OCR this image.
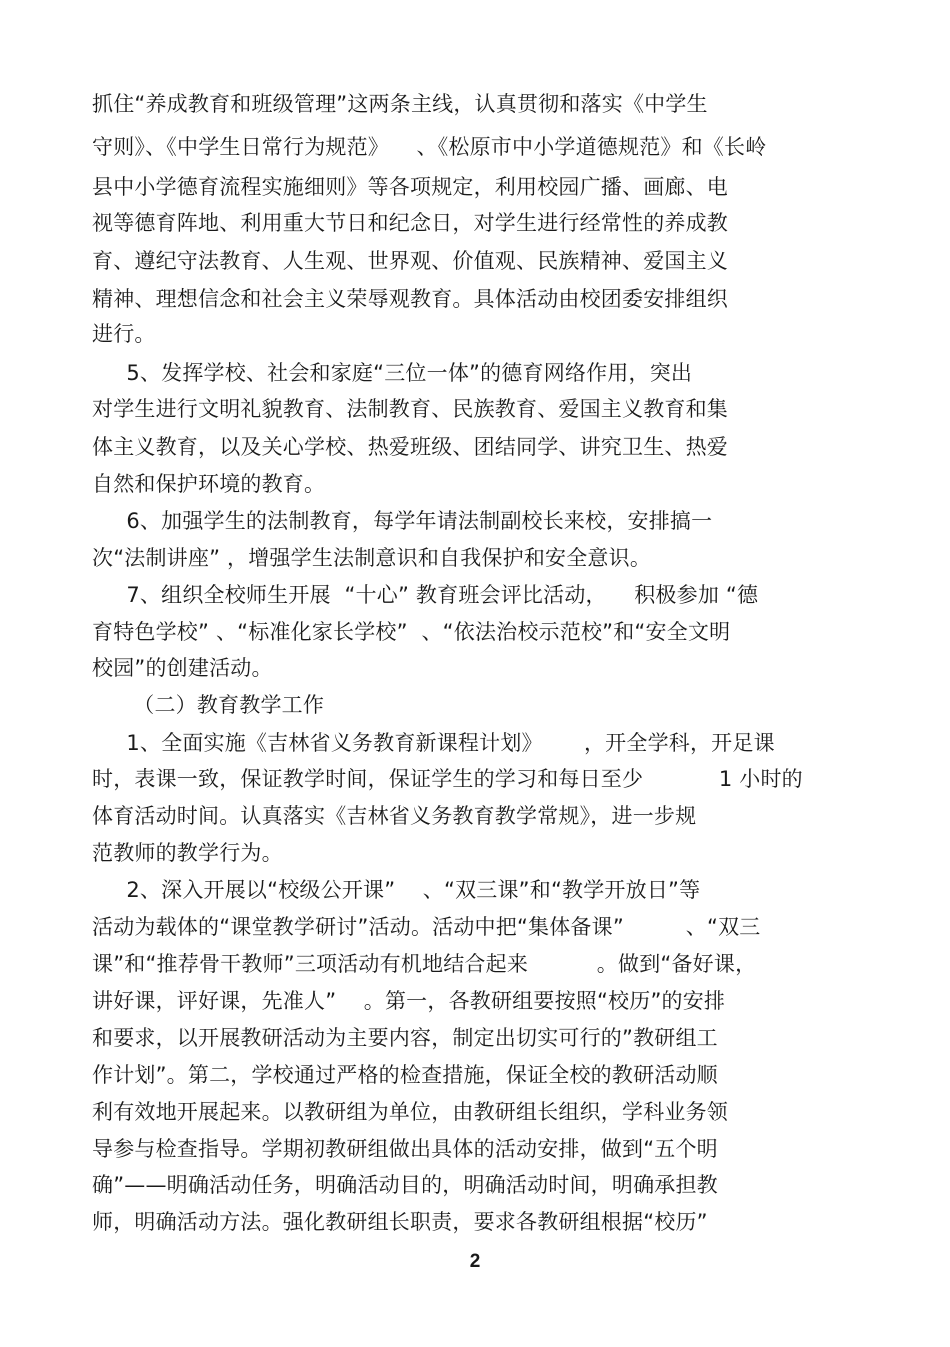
抓住“养成教育和班级管理”这两条主线，认真贯彻和落实《中学生
守则》、《中学生日常行为规范》    、《松原市中小学道德规范》和《长岭
县中小学德育流程实施细则》等各项规定，利用校园广播、画廊、电
视等德育阵地、利用重大节日和纪念日，对学生进行经常性的养成教
育、遵纪守法教育、人生观、世界观、价值观、民族精神、爱国主义
精神、理想信念和社会主义荣辱观教育。具体活动由校团委安排组织
进行。
5、发挥学校、社会和家庭“三位一体”的德育网络作用，突出
对学生进行文明礼貌教育、法制教育、民族教育、爱国主义教育和集
体主义教育，以及关心学校、热爱班级、团结同学、讲究卫生、热爱
自然和保护环境的教育。
6、加强学生的法制教育，每学年请法制副校长来校，安排搞一
次“法制讲座” ，增强学生法制意识和自我保护和安全意识。
7、组织全校师生开展  “十心” 教育班会评比活动，    积极参加 “德
育特色学校” 、“标准化家长学校”  、“依法治校示范校”和“安全文明
校园”的创建活动。
（二）教育教学工作
1、全面实施《吉林省义务教育新课程计划》      ，开全学科，开足课
时，表课一致，保证教学时间，保证学生的学习和每日至少           1 小时的
体育活动时间。认真落实《吉林省义务教育教学常规》，进一步规
范教师的教学行为。
2、深入开展以“校级公开课”    、“双三课”和“教学开放日”等
活动为载体的“课堂教学研讨”活动。活动中把“集体备课”         、“双三
课”和“推荐骨干教师”三项活动有机地结合起来          。做到“备好课，
讲好课，评好课，先准人”    。第一，各教研组要按照“校历”的安排
和要求，以开展教研活动为主要内容，制定出切实可行的”教研组工
作计划”。第二，学校通过严格的检查措施，保证全校的教研活动顺
利有效地开展起来。以教研组为单位，由教研组长组织，学科业务领
导参与检查指导。学期初教研组做出具体的活动安排，做到“五个明
确”——明确活动任务，明确活动目的，明确活动时间，明确承担教
师，明确活动方法。强化教研组长职责，要求各教研组根据“校历”
2
